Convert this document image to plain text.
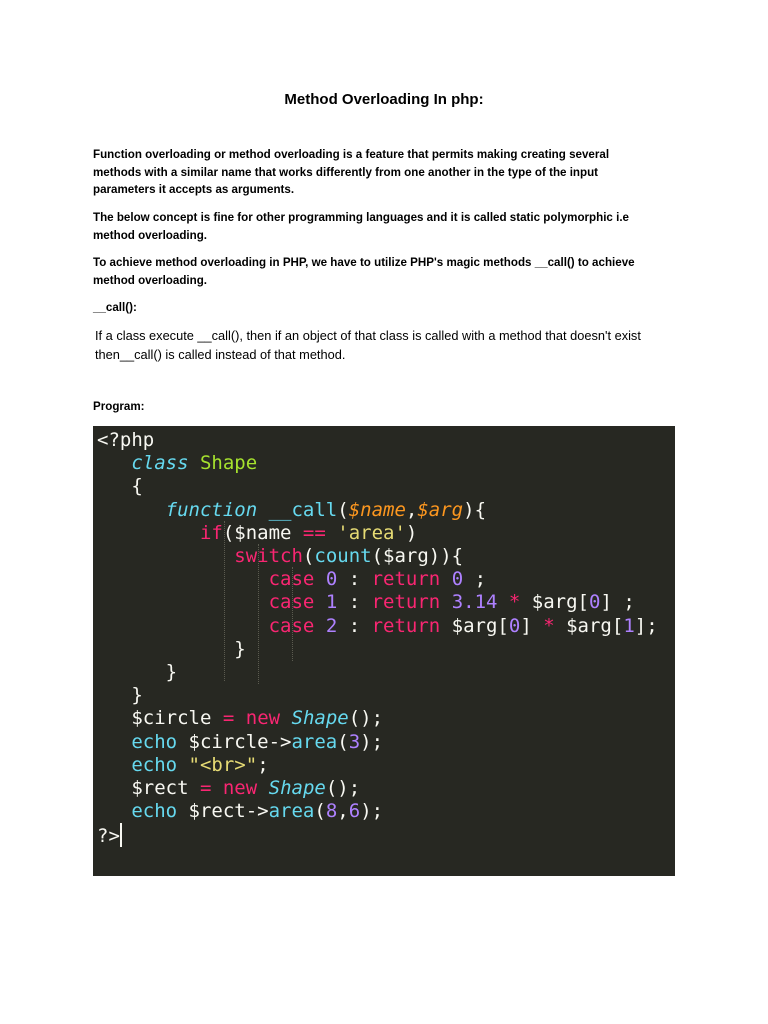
Method Overloading In php:

Function overloading or method overloading is a feature that permits making creating several methods with a similar name that works differently from one another in the type of the input parameters it accepts as arguments.

The below concept is fine for other programming languages and it is called static polymorphic i.e method overloading.

To achieve method overloading in PHP, we have to utilize PHP's magic methods __call() to achieve method overloading.

__call():

If a class execute __call(), then if an object of that class is called with a method that doesn't exist then__call() is called instead of that method.

Program:

<?php
class Shape
{
function __call($name,$arg){
if($name == 'area')
switch(count($arg)){
case 0 : return 0 ;
case 1 : return 3.14 * $arg[0] ;
case 2 : return $arg[0] * $arg[1];
}
}
}
$circle = new Shape();
echo $circle->area(3);
echo "<br>";
$rect = new Shape();
echo $rect->area(8,6);
?>
